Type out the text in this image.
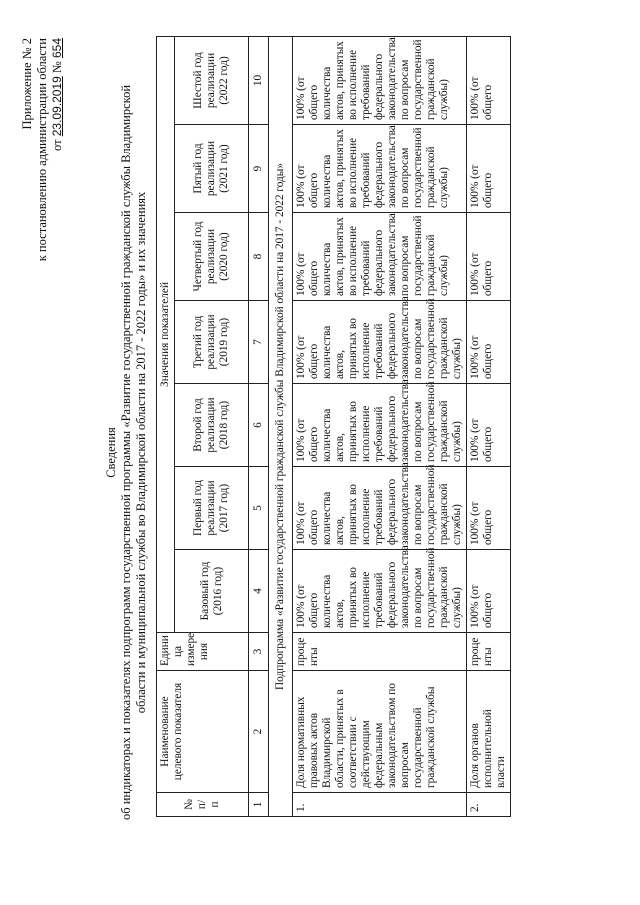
Приложение № 2 к постановлению администрации области от 23.09.2019 № 654
Сведения об индикаторах и показателях подпрограмм государственной программы «Развитие государственной гражданской службы Владимирской области и муниципальной службы во Владимирской области на 2017 - 2022 годы» и их значениях
№ п/п	Наименование целевого показателя	Едини ца измере ния	Значения показателей						
			Базовый год (2016 год)	Первый год реализации (2017 год)	Второй год реализации (2018 год)	Третий год реализации (2019 год)	Четвертый год реализации (2020 год)	Пятый год реализации (2021 год)	Шестой год реализации (2022 год)
1	2	3	4	5	6	7	8	9	10
Подпрограмма «Развитие государственной гражданской службы Владимирской области на 2017 - 2022 годы»									
1.	Доля нормативных правовых актов Владимирской области, принятых в соответствии с действующим федеральным законодательством по вопросам государственной гражданской службы	проце нты	100% (от общего количества актов, принятых во исполнение требований федерального законодательства по вопросам государственной гражданской службы)	100% (от общего количества актов, принятых во исполнение требований федерального законодательства по вопросам государственной гражданской службы)	100% (от общего количества актов, принятых во исполнение требований федерального законодательства по вопросам государственной гражданской службы)	100% (от общего количества актов, принятых во исполнение требований федерального законодательства по вопросам государственной гражданской службы)	100% (от общего количества актов, принятых во исполнение требований федерального законодательства по вопросам государственной гражданской службы)	100% (от общего количества актов, принятых во исполнение требований федерального законодательства по вопросам государственной гражданской службы)	100% (от общего количества актов, принятых во исполнение требований федерального законодательства по вопросам государственной гражданской службы)
2.	Доля органов исполнительной власти	проце нты	100% (от общего	100% (от общего	100% (от общего	100% (от общего	100% (от общего	100% (от общего	100% (от общего
